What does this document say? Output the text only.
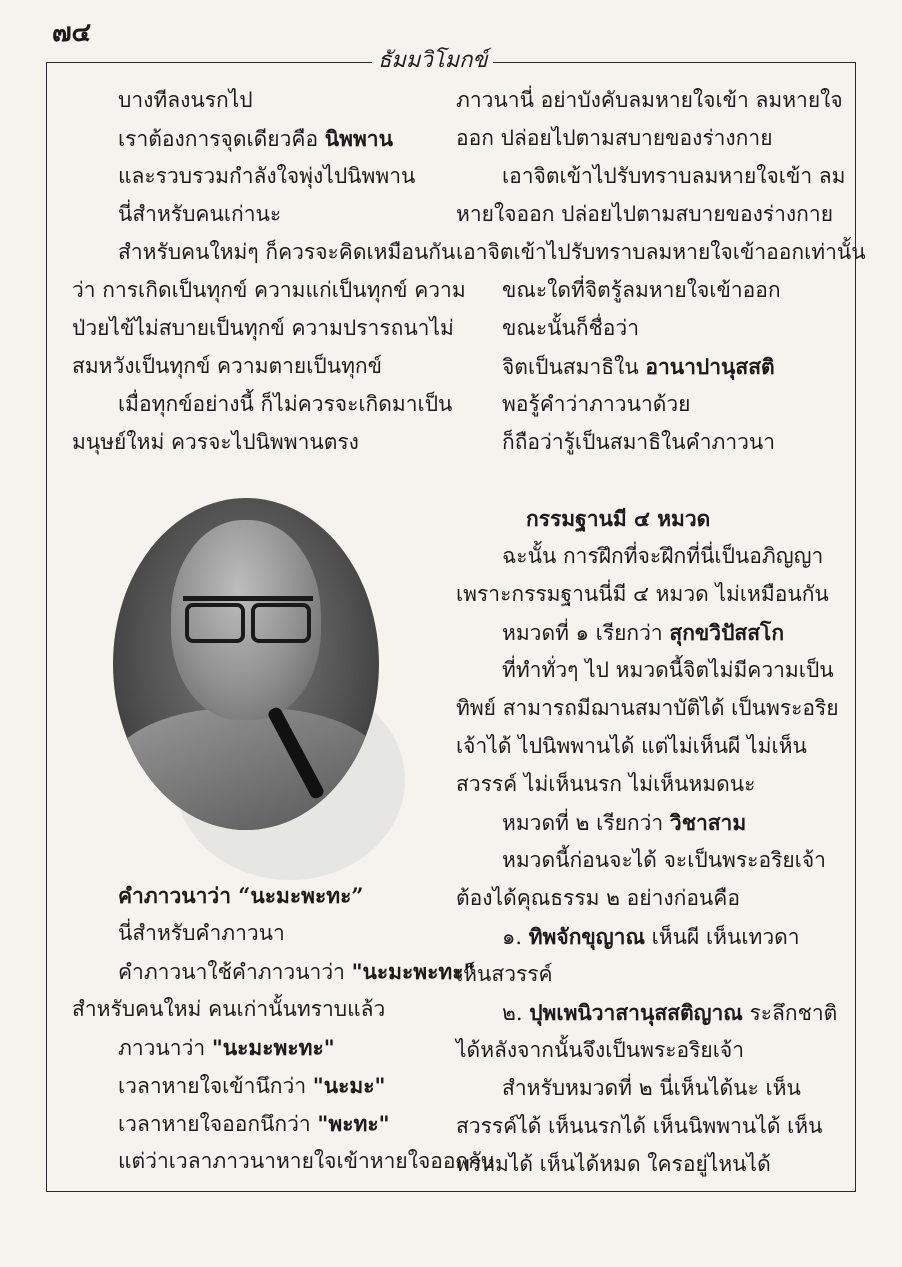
๗๔
ธัมมวิโมกข์
บางทีลงนรกไป
เราต้องการจุดเดียวคือ นิพพาน
และรวบรวมกำลังใจพุ่งไปนิพพาน
นี่สำหรับคนเก่านะ
สำหรับคนใหม่ๆ ก็ควรจะคิดเหมือนกัน
ว่า การเกิดเป็นทุกข์ ความแก่เป็นทุกข์ ความ
ป่วยไข้ไม่สบายเป็นทุกข์ ความปรารถนาไม่
สมหวังเป็นทุกข์ ความตายเป็นทุกข์
เมื่อทุกข์อย่างนี้ ก็ไม่ควรจะเกิดมาเป็น
มนุษย์ใหม่ ควรจะไปนิพพานตรง
คำภาวนาว่า “นะมะพะทะ”
นี่สำหรับคำภาวนา
คำภาวนาใช้คำภาวนาว่า "นะมะพะทะ"
สำหรับคนใหม่ คนเก่านั้นทราบแล้ว
ภาวนาว่า "นะมะพะทะ"
เวลาหายใจเข้านึกว่า "นะมะ"
เวลาหายใจออกนึกว่า "พะทะ"
แต่ว่าเวลาภาวนาหายใจเข้าหายใจออกกับ
ภาวนานี่ อย่าบังคับลมหายใจเข้า ลมหายใจ
ออก ปล่อยไปตามสบายของร่างกาย
เอาจิตเข้าไปรับทราบลมหายใจเข้า ลม
หายใจออก ปล่อยไปตามสบายของร่างกาย
เอาจิตเข้าไปรับทราบลมหายใจเข้าออกเท่านั้น
ขณะใดที่จิตรู้ลมหายใจเข้าออก
ขณะนั้นก็ชื่อว่า
จิตเป็นสมาธิใน อานาปานุสสติ
พอรู้คำว่าภาวนาด้วย
ก็ถือว่ารู้เป็นสมาธิในคำภาวนา
กรรมฐานมี ๔ หมวด
ฉะนั้น การฝึกที่จะฝึกที่นี่เป็นอภิญญา
เพราะกรรมฐานนี่มี ๔ หมวด ไม่เหมือนกัน
หมวดที่ ๑ เรียกว่า สุกขวิปัสสโก
ที่ทำทั่วๆ ไป หมวดนี้จิตไม่มีความเป็น
ทิพย์ สามารถมีฌานสมาบัติได้ เป็นพระอริย
เจ้าได้ ไปนิพพานได้ แต่ไม่เห็นผี ไม่เห็น
สวรรค์ ไม่เห็นนรก ไม่เห็นหมดนะ
หมวดที่ ๒ เรียกว่า วิชาสาม
หมวดนี้ก่อนจะได้ จะเป็นพระอริยเจ้า
ต้องได้คุณธรรม ๒ อย่างก่อนคือ
๑. ทิพจักขุญาณ เห็นผี เห็นเทวดา
เห็นสวรรค์
๒. ปุพเพนิวาสานุสสติญาณ ระลึกชาติ
ได้หลังจากนั้นจึงเป็นพระอริยเจ้า
สำหรับหมวดที่ ๒ นี่เห็นได้นะ เห็น
สวรรค์ได้ เห็นนรกได้ เห็นนิพพานได้ เห็น
พรหมได้ เห็นได้หมด ใครอยู่ไหนได้
